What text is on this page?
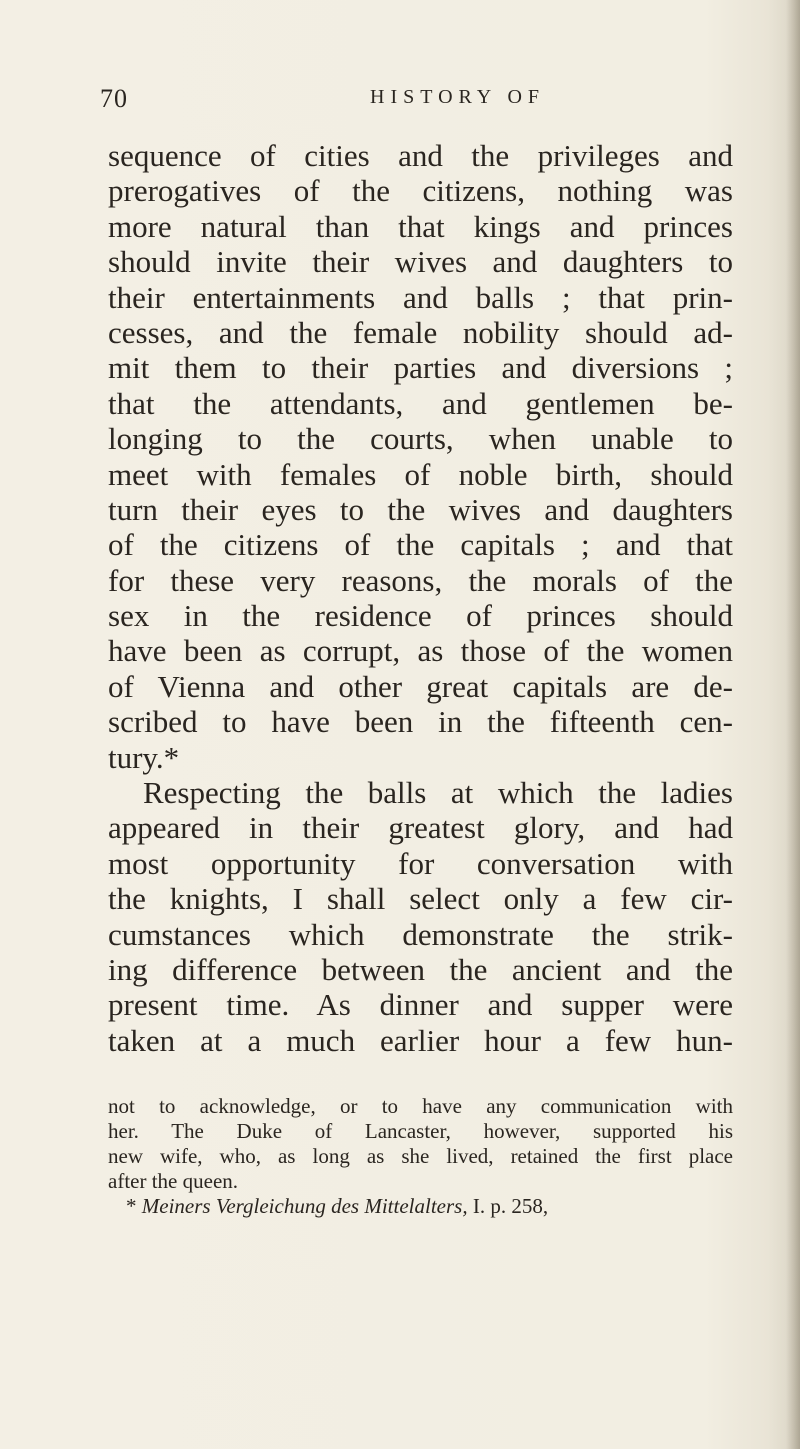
70	HISTORY OF
sequence of cities and the privileges and
prerogatives of the citizens, nothing was
more natural than that kings and princes
should invite their wives and daughters to
their entertainments and balls ; that prin-
cesses, and the female nobility should ad-
mit them to their parties and diversions ;
that the attendants, and gentlemen be-
longing to the courts, when unable to
meet with females of noble birth, should
turn their eyes to the wives and daughters
of the citizens of the capitals ; and that
for these very reasons, the morals of the
sex in the residence of princes should
have been as corrupt, as those of the women
of Vienna and other great capitals are de-
scribed to have been in the fifteenth cen-
tury.*
Respecting the balls at which the ladies
appeared in their greatest glory, and had
most opportunity for conversation with
the knights, I shall select only a few cir-
cumstances which demonstrate the strik-
ing difference between the ancient and the
present time. As dinner and supper were
taken at a much earlier hour a few hun-
not to acknowledge, or to have any communication with
her. The Duke of Lancaster, however, supported his
new wife, who, as long as she lived, retained the first place
after the queen.
* Meiners Vergleichung des Mittelalters, I. p. 258,
